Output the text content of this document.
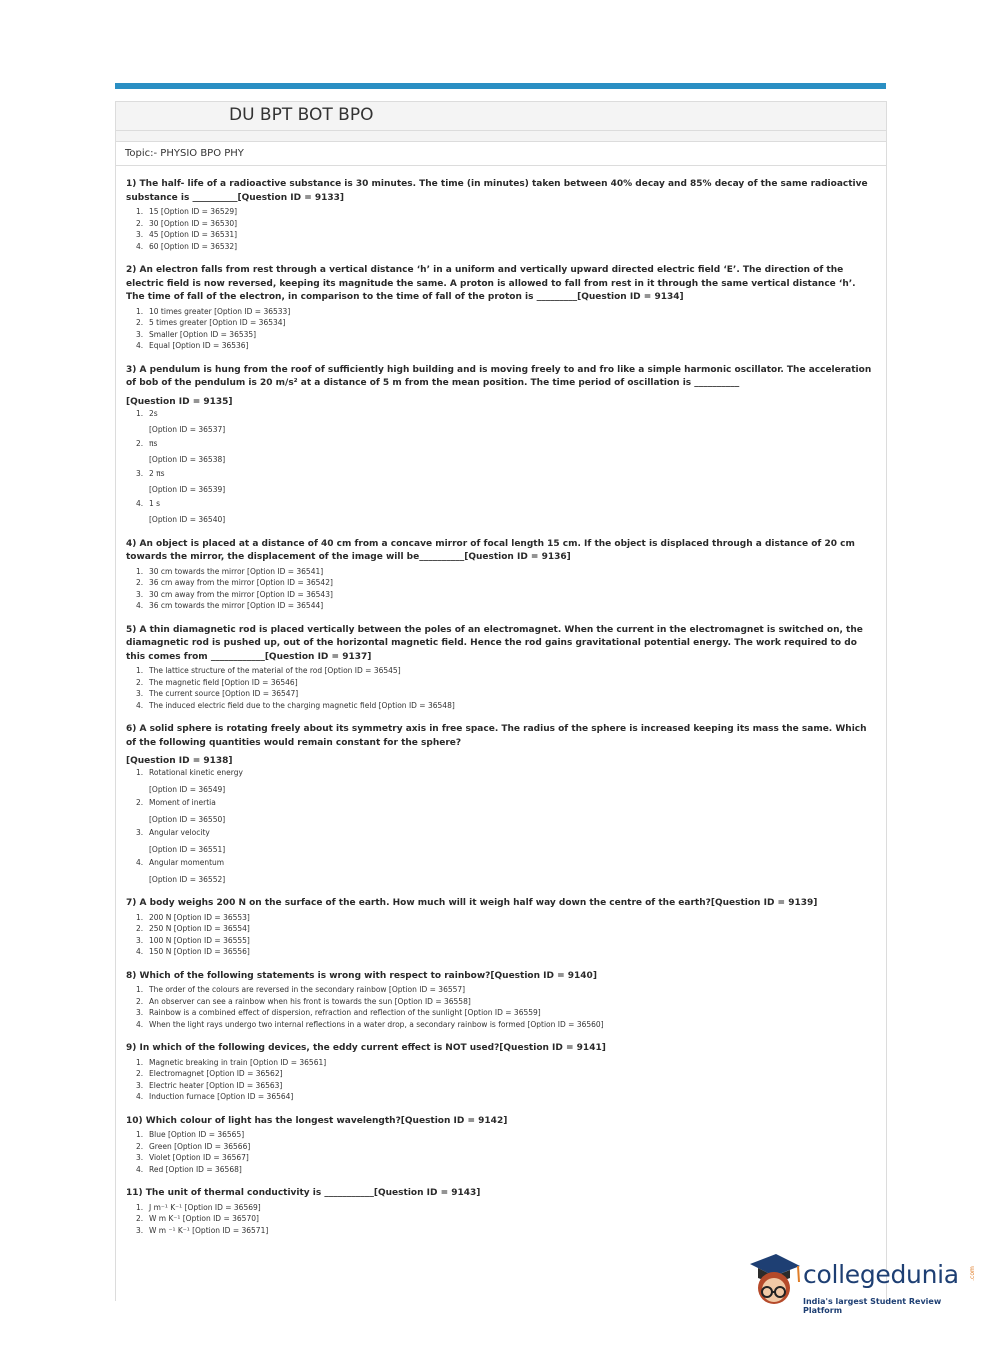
DU BPT BOT BPO
Topic:- PHYSIO BPO PHY
1) The half- life of a radioactive substance is 30 minutes. The time (in minutes) taken between 40% decay and 85% decay of the same radioactive substance is __________[Question ID = 9133]
1. 15 [Option ID = 36529]
2. 30 [Option ID = 36530]
3. 45 [Option ID = 36531]
4. 60 [Option ID = 36532]
2) An electron falls from rest through a vertical distance ‘h’ in a uniform and vertically upward directed electric field ‘E’. The direction of the electric field is now reversed, keeping its magnitude the same. A proton is allowed to fall from rest in it through the same vertical distance ‘h’. The time of fall of the electron, in comparison to the time of fall of the proton is _________[Question ID = 9134]
1. 10 times greater [Option ID = 36533]
2. 5 times greater [Option ID = 36534]
3. Smaller [Option ID = 36535]
4. Equal [Option ID = 36536]
3) A pendulum is hung from the roof of sufficiently high building and is moving freely to and fro like a simple harmonic oscillator. The acceleration of bob of the pendulum is 20 m/s² at a distance of 5 m from the mean position. The time period of oscillation is __________
[Question ID = 9135]
1. 2s
[Option ID = 36537]
2. πs
[Option ID = 36538]
3. 2 πs
[Option ID = 36539]
4. 1 s
[Option ID = 36540]
4) An object is placed at a distance of 40 cm from a concave mirror of focal length 15 cm. If the object is displaced through a distance of 20 cm towards the mirror, the displacement of the image will be__________[Question ID = 9136]
1. 30 cm towards the mirror [Option ID = 36541]
2. 36 cm away from the mirror [Option ID = 36542]
3. 30 cm away from the mirror [Option ID = 36543]
4. 36 cm towards the mirror [Option ID = 36544]
5) A thin diamagnetic rod is placed vertically between the poles of an electromagnet. When the current in the electromagnet is switched on, the diamagnetic rod is pushed up, out of the horizontal magnetic field. Hence the rod gains gravitational potential energy. The work required to do this comes from ____________[Question ID = 9137]
1. The lattice structure of the material of the rod [Option ID = 36545]
2. The magnetic field [Option ID = 36546]
3. The current source [Option ID = 36547]
4. The induced electric field due to the charging magnetic field [Option ID = 36548]
6) A solid sphere is rotating freely about its symmetry axis in free space. The radius of the sphere is increased keeping its mass the same. Which of the following quantities would remain constant for the sphere?
[Question ID = 9138]
1. Rotational kinetic energy
[Option ID = 36549]
2. Moment of inertia
[Option ID = 36550]
3. Angular velocity
[Option ID = 36551]
4. Angular momentum
[Option ID = 36552]
7) A body weighs 200 N on the surface of the earth. How much will it weigh half way down the centre of the earth?[Question ID = 9139]
1. 200 N [Option ID = 36553]
2. 250 N [Option ID = 36554]
3. 100 N [Option ID = 36555]
4. 150 N [Option ID = 36556]
8) Which of the following statements is wrong with respect to rainbow?[Question ID = 9140]
1. The order of the colours are reversed in the secondary rainbow [Option ID = 36557]
2. An observer can see a rainbow when his front is towards the sun [Option ID = 36558]
3. Rainbow is a combined effect of dispersion, refraction and reflection of the sunlight [Option ID = 36559]
4. When the light rays undergo two internal reflections in a water drop, a secondary rainbow is formed [Option ID = 36560]
9) In which of the following devices, the eddy current effect is NOT used?[Question ID = 9141]
1. Magnetic breaking in train [Option ID = 36561]
2. Electromagnet [Option ID = 36562]
3. Electric heater [Option ID = 36563]
4. Induction furnace [Option ID = 36564]
10) Which colour of light has the longest wavelength?[Question ID = 9142]
1. Blue [Option ID = 36565]
2. Green [Option ID = 36566]
3. Violet [Option ID = 36567]
4. Red [Option ID = 36568]
11) The unit of thermal conductivity is ___________[Question ID = 9143]
1. J m⁻¹ K⁻¹ [Option ID = 36569]
2. W m K⁻¹ [Option ID = 36570]
3. W m ⁻¹ K⁻¹ [Option ID = 36571]
collegedunia .com
India's largest Student Review Platform
